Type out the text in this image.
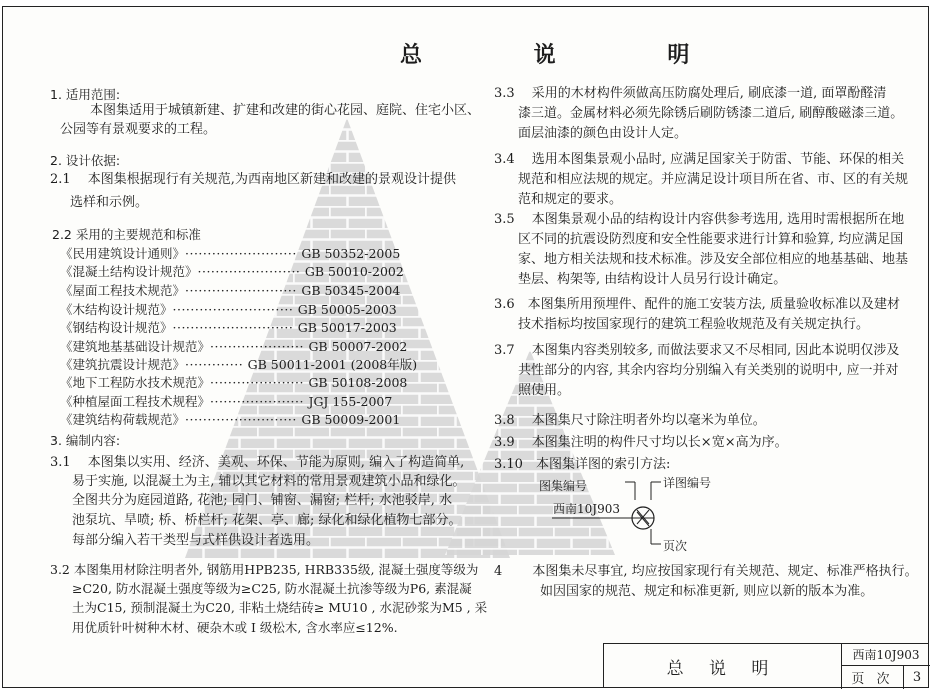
总 说 明
1. 适用范围:
本图集适用于城镇新建、扩建和改建的街心花园、庭院、住宅小区、
公园等有景观要求的工程。
2. 设计依据:
2.1　 本图集根据现行有关规范,为西南地区新建和改建的景观设计提供
选样和示例。
2.2 采用的主要规范和标准
《民用建筑设计通则》························· GB 50352-2005
《混凝土结构设计规范》······················· GB 50010-2002
《屋面工程技术规范》························· GB 50345-2004
《木结构设计规范》··························· GB 50005-2003
《钢结构设计规范》··························· GB 50017-2003
《建筑地基基础设计规范》····················· GB 50007-2002
《建筑抗震设计规范》············· GB 50011-2001 (2008年版)
《地下工程防水技术规范》····················· GB 50108-2008
《种植屋面工程技术规程》····················· JGJ 155-2007
《建筑结构荷载规范》························· GB 50009-2001
3. 编制内容:
3.1　 本图集以实用、经济、美观、环保、节能为原则, 编入了构造简单,
易于实施, 以混凝土为主, 辅以其它材料的常用景观建筑小品和绿化。
全图共分为庭园道路, 花池; 园门、铺窗、漏窗; 栏杆; 水池驳岸, 水
池泵坑、旱喷; 桥、桥栏杆; 花架、亭、廊; 绿化和绿化植物七部分。
每部分编入若干类型与式样供设计者选用。
3.2 本图集用材除注明者外, 钢筋用HPB235, HRB335级, 混凝土强度等级为
≥C20, 防水混凝土强度等级为≥C25, 防水混凝土抗渗等级为P6, 素混凝
土为C15, 预制混凝土为C20, 非粘土烧结砖≥ MU10 , 水泥砂浆为M5 , 采
用优质针叶树种木材、硬杂木或 I 级松木, 含水率应≤12%.
3.3　 采用的木材构件须做高压防腐处理后, 刷底漆一道, 面罩酚醛清
漆三道。金属材料必须先除锈后刷防锈漆二道后, 刷醇酸磁漆三道。
面层油漆的颜色由设计人定。
3.4　 选用本图集景观小品时, 应满足国家关于防雷、节能、环保的相关
规范和相应法规的规定。并应满足设计项目所在省、市、区的有关规
范和规定的要求。
3.5　 本图集景观小品的结构设计内容供参考选用, 选用时需根据所在地
区不同的抗震设防烈度和安全性能要求进行计算和验算, 均应满足国
家、地方相关法规和技术标准。涉及安全部位相应的地基基础、地基
垫层、构架等, 由结构设计人员另行设计确定。
3.6　本图集所用预埋件、配件的施工安装方法, 质量验收标准以及建材
技术指标均按国家现行的建筑工程验收规范及有关规定执行。
3.7　 本图集内容类别较多, 而做法要求又不尽相同, 因此本说明仅涉及
共性部分的内容, 其余内容均分别编入有关类别的说明中, 应一并对
照使用。
3.8　 本图集尺寸除注明者外均以毫米为单位。
3.9　 本图集注明的构件尺寸均以长×宽×高为序。
3.10　本图集详图的索引方法:
图集编号
西南10J903
详图编号
页次
4　　 本图集未尽事宜, 均应按国家现行有关规范、规定、标准严格执行。
如因国家的规范、规定和标准更新, 则应以新的版本为准。
总 说 明
西南10J903
页 次	3
